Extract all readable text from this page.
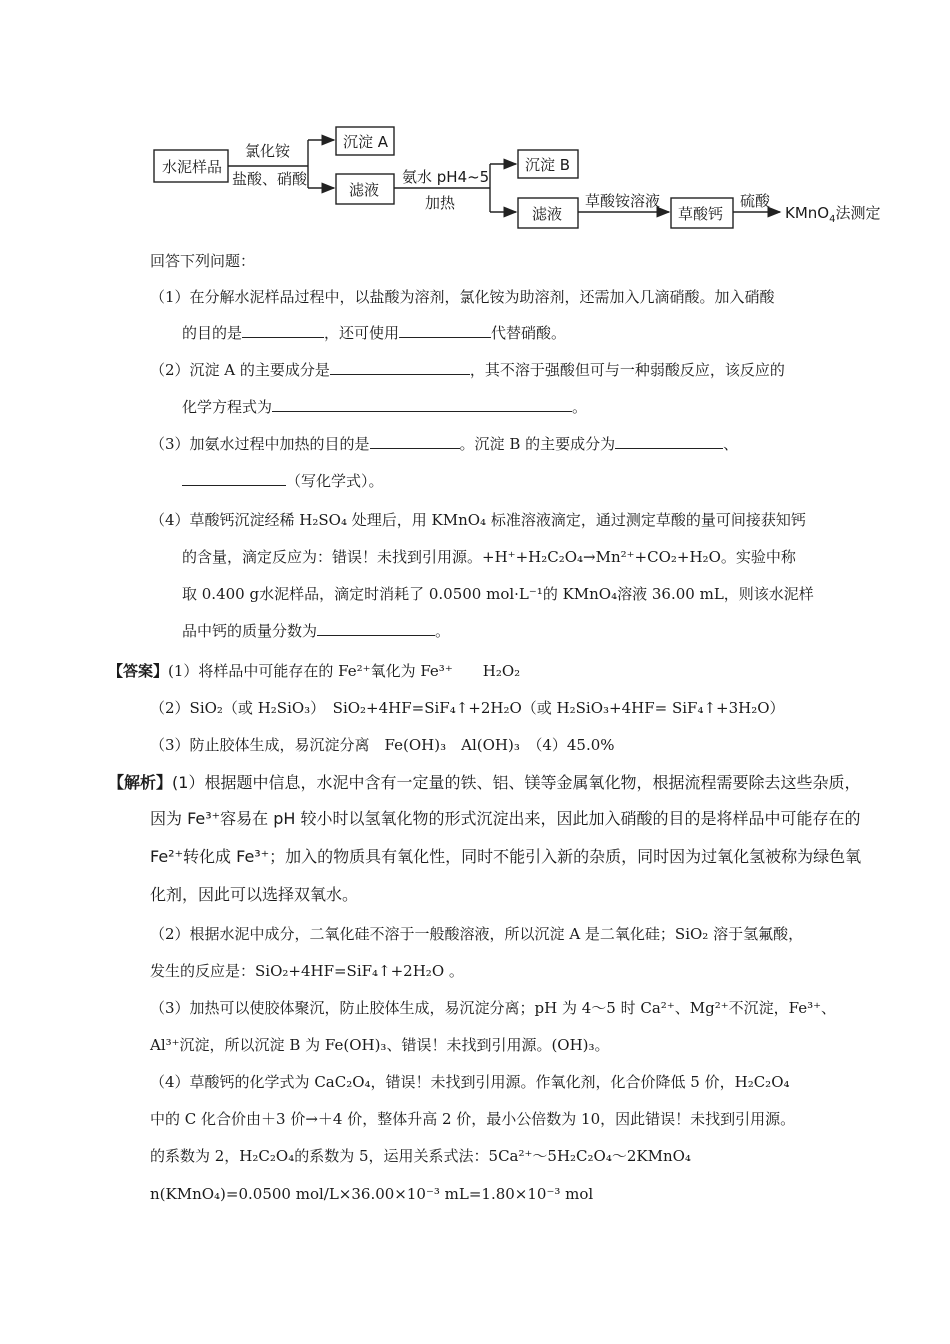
水泥样品
氯化铵
盐酸、硝酸
沉淀 A
滤液
氨水 pH4~5
加热
沉淀 B
滤液
草酸铵溶液
草酸钙
硫酸
KMnO$_4$法测定
回答下列问题：
（1）在分解水泥样品过程中，以盐酸为溶剂，氯化铵为助溶剂，还需加入几滴硝酸。加入硝酸
的目的是	，还可使用	代替硝酸。
（2）沉淀 A 的主要成分是	，其不溶于强酸但可与一种弱酸反应，该反应的
化学方程式为	。
（3）加氨水过程中加热的目的是	。沉淀 B 的主要成分为	、
（写化学式）。
（4）草酸钙沉淀经稀 H₂SO₄ 处理后，用 KMnO₄ 标准溶液滴定，通过测定草酸的量可间接获知钙
的含量，滴定反应为：错误！未找到引用源。+H⁺+H₂C₂O₄→Mn²⁺+CO₂+H₂O。实验中称
取 0.400 g水泥样品，滴定时消耗了 0.0500 mol·L⁻¹的 KMnO₄溶液 36.00 mL，则该水泥样
品中钙的质量分数为	。
【答案】(1）将样品中可能存在的 Fe²⁺氧化为 Fe³⁺　　H₂O₂
（2）SiO₂（或 H₂SiO₃）　SiO₂+4HF=SiF₄↑+2H₂O（或 H₂SiO₃+4HF= SiF₄↑+3H₂O）
（3）防止胶体生成，易沉淀分离　Fe(OH)₃　Al(OH)₃　（4）45.0%
【解析】(1）根据题中信息，水泥中含有一定量的铁、铝、镁等金属氧化物，根据流程需要除去这些杂质，
因为 Fe³⁺容易在 pH 较小时以氢氧化物的形式沉淀出来，因此加入硝酸的目的是将样品中可能存在的
Fe²⁺转化成 Fe³⁺；加入的物质具有氧化性，同时不能引入新的杂质，同时因为过氧化氢被称为绿色氧
化剂，因此可以选择双氧水。
（2）根据水泥中成分，二氧化硅不溶于一般酸溶液，所以沉淀 A 是二氧化硅；SiO₂ 溶于氢氟酸，
发生的反应是：SiO₂+4HF=SiF₄↑+2H₂O 。
（3）加热可以使胶体聚沉，防止胶体生成，易沉淀分离；pH 为 4～5 时 Ca²⁺、Mg²⁺不沉淀，Fe³⁺、
Al³⁺沉淀，所以沉淀 B 为 Fe(OH)₃、错误！未找到引用源。(OH)₃。
（4）草酸钙的化学式为 CaC₂O₄，错误！未找到引用源。作氧化剂，化合价降低 5 价，H₂C₂O₄
中的 C 化合价由＋3 价→＋4 价，整体升高 2 价，最小公倍数为 10，因此错误！未找到引用源。
的系数为 2，H₂C₂O₄的系数为 5，运用关系式法：5Ca²⁺～5H₂C₂O₄～2KMnO₄
n(KMnO₄)=0.0500 mol/L×36.00×10⁻³ mL=1.80×10⁻³ mol
